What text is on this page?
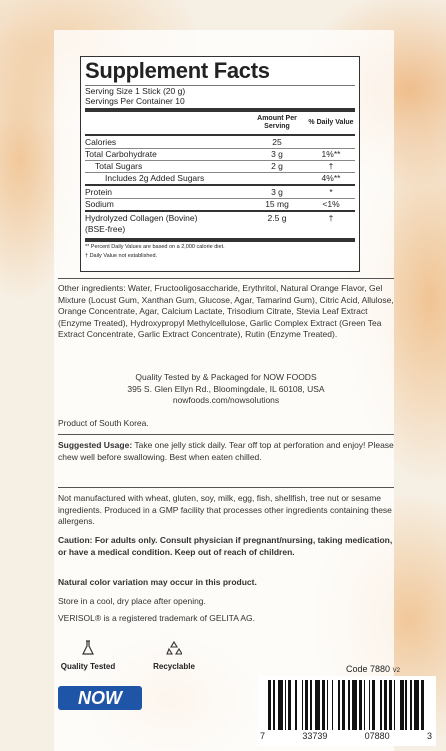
Supplement Facts
Serving Size 1 Stick (20 g)
Servings Per Container 10
Amount Per Serving
% Daily Value
Calories	25
Total Carbohydrate	3 g	1%**
Total Sugars	2 g	†
Includes 2g Added Sugars	4%**
Protein	3 g	*
Sodium	15 mg	<1%
Hydrolyzed Collagen (Bovine)
(BSE-free)
2.5 g	†
** Percent Daily Values are based on a 2,000 calorie diet.
† Daily Value not established.
Other ingredients: Water, Fructooligosaccharide, Erythritol, Natural Orange Flavor, Gel Mixture (Locust Gum, Xanthan Gum, Glucose, Agar, Tamarind Gum), Citric Acid, Allulose, Orange Concentrate, Agar, Calcium Lactate, Trisodium Citrate, Stevia Leaf Extract (Enzyme Treated), Hydroxypropyl Methylcellulose, Garlic Complex Extract (Green Tea Extract Concentrate, Garlic Extract Concentrate), Rutin (Enzyme Treated).
Quality Tested by & Packaged for NOW FOODS
395 S. Glen Ellyn Rd., Bloomingdale, IL 60108, USA
nowfoods.com/nowsolutions
Product of South Korea.
Suggested Usage: Take one jelly stick daily. Tear off top at perforation and enjoy! Please chew well before swallowing. Best when eaten chilled.
Not manufactured with wheat, gluten, soy, milk, egg, fish, shellfish, tree nut or sesame ingredients. Produced in a GMP facility that processes other ingredients containing these allergens.
Caution: For adults only. Consult physician if pregnant/nursing, taking medication, or have a medical condition. Keep out of reach of children.
Natural color variation may occur in this product.
Store in a cool, dry place after opening.
VERISOL® is a registered trademark of GELITA AG.
Quality Tested	Recyclable
NOW
Code 7880 V2
7	33739	07880	3
